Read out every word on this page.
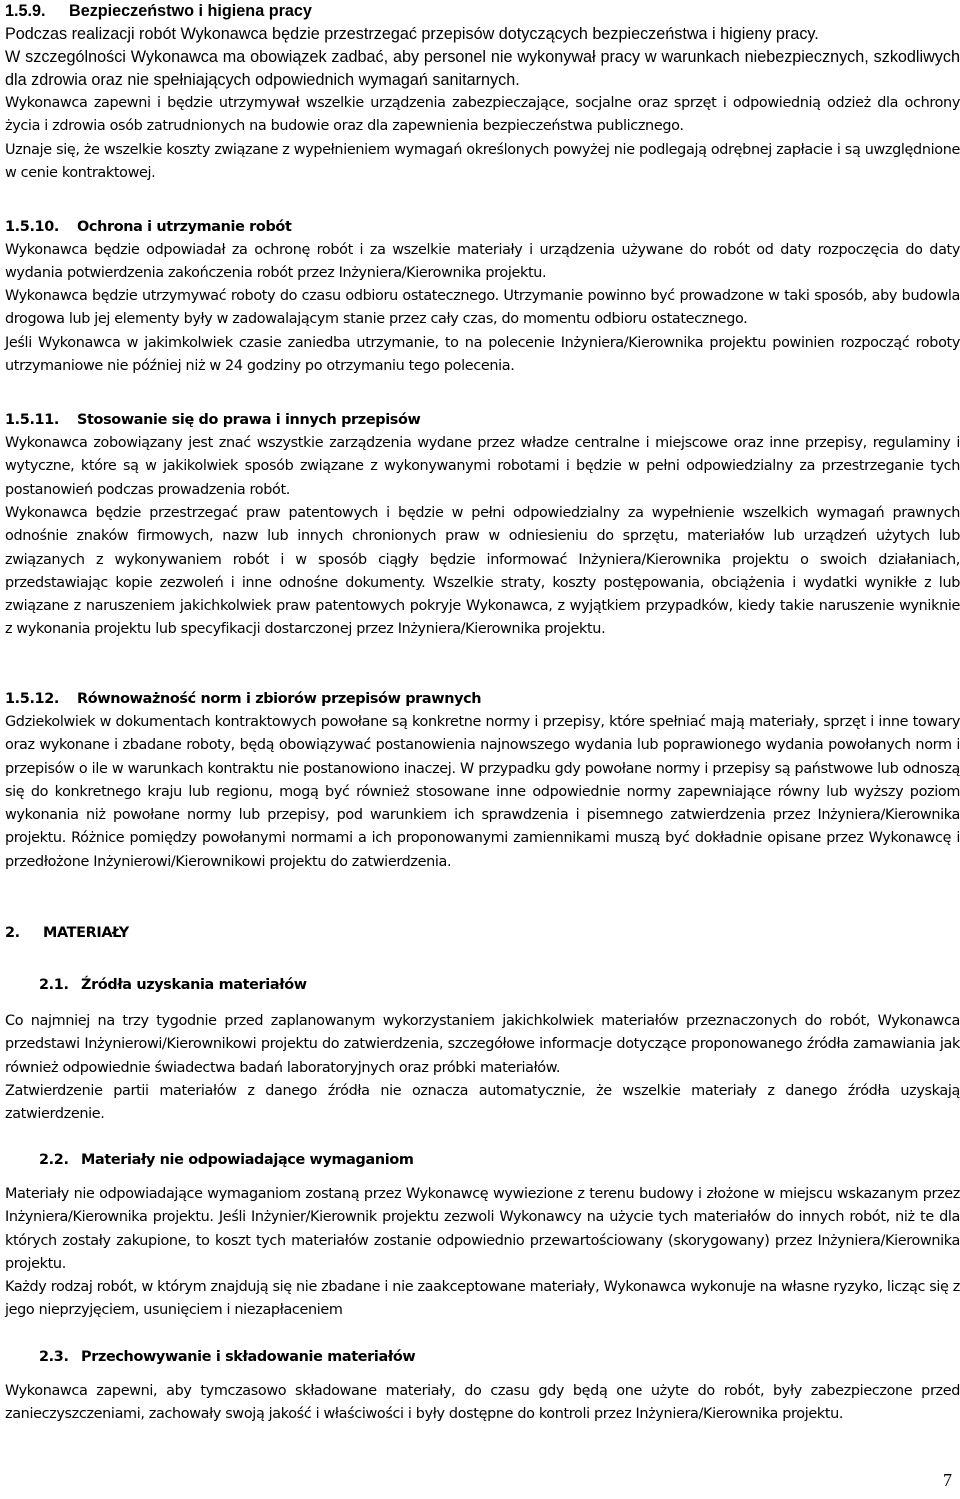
1.5.9. Bezpieczeństwo i higiena pracy
Podczas realizacji robót Wykonawca będzie przestrzegać przepisów dotyczących bezpieczeństwa i higieny pracy.
W szczególności Wykonawca ma obowiązek zadbać, aby personel nie wykonywał pracy w warunkach niebezpiecznych, szkodliwych dla zdrowia oraz nie spełniających odpowiednich wymagań sanitarnych.
Wykonawca zapewni i będzie utrzymywał wszelkie urządzenia zabezpieczające, socjalne oraz sprzęt i odpowiednią odzież dla ochrony życia i zdrowia osób zatrudnionych na budowie oraz dla zapewnienia bezpieczeństwa publicznego.
Uznaje się, że wszelkie koszty związane z wypełnieniem wymagań określonych powyżej nie podlegają odrębnej zapłacie i są uwzględnione w cenie kontraktowej.
1.5.10. Ochrona i utrzymanie robót
Wykonawca będzie odpowiadał za ochronę robót i za wszelkie materiały i urządzenia używane do robót od daty rozpoczęcia do daty wydania potwierdzenia zakończenia robót przez Inżyniera/Kierownika projektu.
Wykonawca będzie utrzymywać roboty do czasu odbioru ostatecznego. Utrzymanie powinno być prowadzone w taki sposób, aby budowla drogowa lub jej elementy były w zadowalającym stanie przez cały czas, do momentu odbioru ostatecznego.
Jeśli Wykonawca w jakimkolwiek czasie zaniedba utrzymanie, to na polecenie Inżyniera/Kierownika projektu powinien rozpocząć roboty utrzymaniowe nie później niż w 24 godziny po otrzymaniu tego polecenia.
1.5.11. Stosowanie się do prawa i innych przepisów
Wykonawca zobowiązany jest znać wszystkie zarządzenia wydane przez władze centralne i miejscowe oraz inne przepisy, regulaminy i wytyczne, które są w jakikolwiek sposób związane z wykonywanymi robotami i będzie w pełni odpowiedzialny za przestrzeganie tych postanowień podczas prowadzenia robót.
Wykonawca będzie przestrzegać praw patentowych i będzie w pełni odpowiedzialny za wypełnienie wszelkich wymagań prawnych odnośnie znaków firmowych, nazw lub innych chronionych praw w odniesieniu do sprzętu, materiałów lub urządzeń użytych lub związanych z wykonywaniem robót i w sposób ciągły będzie informować Inżyniera/Kierownika projektu o swoich działaniach, przedstawiając kopie zezwoleń i inne odnośne dokumenty. Wszelkie straty, koszty postępowania, obciążenia i wydatki wynikłe z lub związane z naruszeniem jakichkolwiek praw patentowych pokryje Wykonawca, z wyjątkiem przypadków, kiedy takie naruszenie wyniknie z wykonania projektu lub specyfikacji dostarczonej przez Inżyniera/Kierownika projektu.
1.5.12. Równoważność norm i zbiorów przepisów prawnych
Gdziekolwiek w dokumentach kontraktowych powołane są konkretne normy i przepisy, które spełniać mają materiały, sprzęt i inne towary oraz wykonane i zbadane roboty, będą obowiązywać postanowienia najnowszego wydania lub poprawionego wydania powołanych norm i przepisów o ile w warunkach kontraktu nie postanowiono inaczej. W przypadku gdy powołane normy i przepisy są państwowe lub odnoszą się do konkretnego kraju lub regionu, mogą być również stosowane inne odpowiednie normy zapewniające równy lub wyższy poziom wykonania niż powołane normy lub przepisy, pod warunkiem ich sprawdzenia i pisemnego zatwierdzenia przez Inżyniera/Kierownika projektu. Różnice pomiędzy powołanymi normami a ich proponowanymi zamiennikami muszą być dokładnie opisane przez Wykonawcę i przedłożone Inżynierowi/Kierownikowi projektu do zatwierdzenia.
2. MATERIAŁY
2.1. Źródła uzyskania materiałów
Co najmniej na trzy tygodnie przed zaplanowanym wykorzystaniem jakichkolwiek materiałów przeznaczonych do robót, Wykonawca przedstawi Inżynierowi/Kierownikowi projektu do zatwierdzenia, szczegółowe informacje dotyczące proponowanego źródła zamawiania jak również odpowiednie świadectwa badań laboratoryjnych oraz próbki materiałów.
Zatwierdzenie partii materiałów z danego źródła nie oznacza automatycznie, że wszelkie materiały z danego źródła uzyskają zatwierdzenie.
2.2. Materiały nie odpowiadające wymaganiom
Materiały nie odpowiadające wymaganiom zostaną przez Wykonawcę wywiezione z terenu budowy i złożone w miejscu wskazanym przez Inżyniera/Kierownika projektu. Jeśli Inżynier/Kierownik projektu zezwoli Wykonawcy na użycie tych materiałów do innych robót, niż te dla których zostały zakupione, to koszt tych materiałów zostanie odpowiednio przewartościowany (skorygowany) przez Inżyniera/Kierownika projektu.
Każdy rodzaj robót, w którym znajdują się nie zbadane i nie zaakceptowane materiały, Wykonawca wykonuje na własne ryzyko, licząc się z jego nieprzyjęciem, usunięciem i niezapłaceniem
2.3. Przechowywanie i składowanie materiałów
Wykonawca zapewni, aby tymczasowo składowane materiały, do czasu gdy będą one użyte do robót, były zabezpieczone przed zanieczyszczeniami, zachowały swoją jakość i właściwości i były dostępne do kontroli przez Inżyniera/Kierownika projektu.
7
